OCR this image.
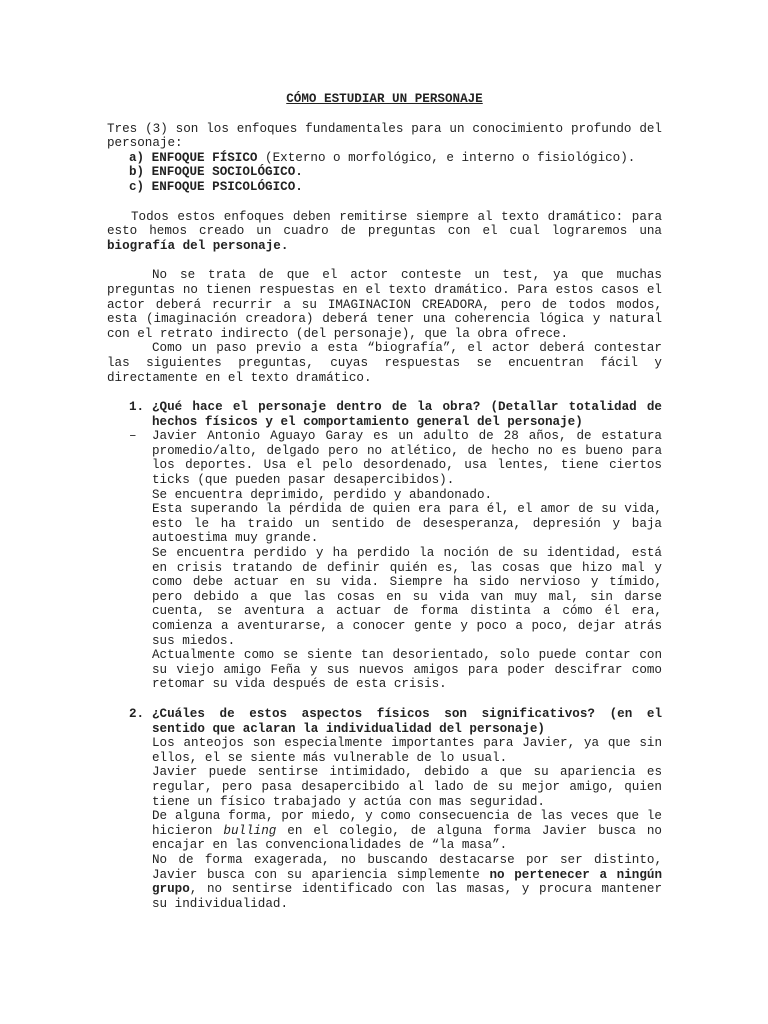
CÓMO ESTUDIAR UN PERSONAJE

Tres (3) son los enfoques fundamentales para un conocimiento profundo del personaje:

a) ENFOQUE FÍSICO (Externo o morfológico, e interno o fisiológico).
b) ENFOQUE SOCIOLÓGICO.
c) ENFOQUE PSICOLÓGICO.

Todos estos enfoques deben remitirse siempre al texto dramático: para esto hemos creado un cuadro de preguntas con el cual lograremos una biografía del personaje.

No se trata de que el actor conteste un test, ya que muchas preguntas no tienen respuestas en el texto dramático. Para estos casos el actor deberá recurrir a su IMAGINACION CREADORA, pero de todos modos, esta (imaginación creadora) deberá tener una coherencia lógica y natural con el retrato indirecto (del personaje), que la obra ofrece.

Como un paso previo a esta “biografía”, el actor deberá contestar las siguientes preguntas, cuyas respuestas se encuentran fácil y directamente en el texto dramático.

1. ¿Qué hace el personaje dentro de la obra? (Detallar totalidad de hechos físicos y el comportamiento general del personaje)
– Javier Antonio Aguayo Garay es un adulto de 28 años, de estatura promedio/alto, delgado pero no atlético, de hecho no es bueno para los deportes. Usa el pelo desordenado, usa lentes, tiene ciertos ticks (que pueden pasar desapercibidos).

Se encuentra deprimido, perdido y abandonado.

Esta superando la pérdida de quien era para él, el amor de su vida, esto le ha traido un sentido de desesperanza, depresión y baja autoestima muy grande.

Se encuentra perdido y ha perdido la noción de su identidad, está en crisis tratando de definir quién es, las cosas que hizo mal y como debe actuar en su vida. Siempre ha sido nervioso y tímido, pero debido a que las cosas en su vida van muy mal, sin darse cuenta, se aventura a actuar de forma distinta a cómo él era, comienza a aventurarse, a conocer gente y poco a poco, dejar atrás sus miedos.

Actualmente como se siente tan desorientado, solo puede contar con su viejo amigo Feña y sus nuevos amigos para poder descifrar como retomar su vida después de esta crisis.

2. ¿Cuáles de estos aspectos físicos son significativos? (en el sentido que aclaran la individualidad del personaje)

Los anteojos son especialmente importantes para Javier, ya que sin ellos, el se siente más vulnerable de lo usual.

Javier puede sentirse intimidado, debido a que su apariencia es regular, pero pasa desapercibido al lado de su mejor amigo, quien tiene un físico trabajado y actúa con mas seguridad.

De alguna forma, por miedo, y como consecuencia de las veces que le hicieron bulling en el colegio, de alguna forma Javier busca no encajar en las convencionalidades de “la masa”.

No de forma exagerada, no buscando destacarse por ser distinto, Javier busca con su apariencia simplemente no pertenecer a ningún grupo, no sentirse identificado con las masas, y procura mantener su individualidad.
